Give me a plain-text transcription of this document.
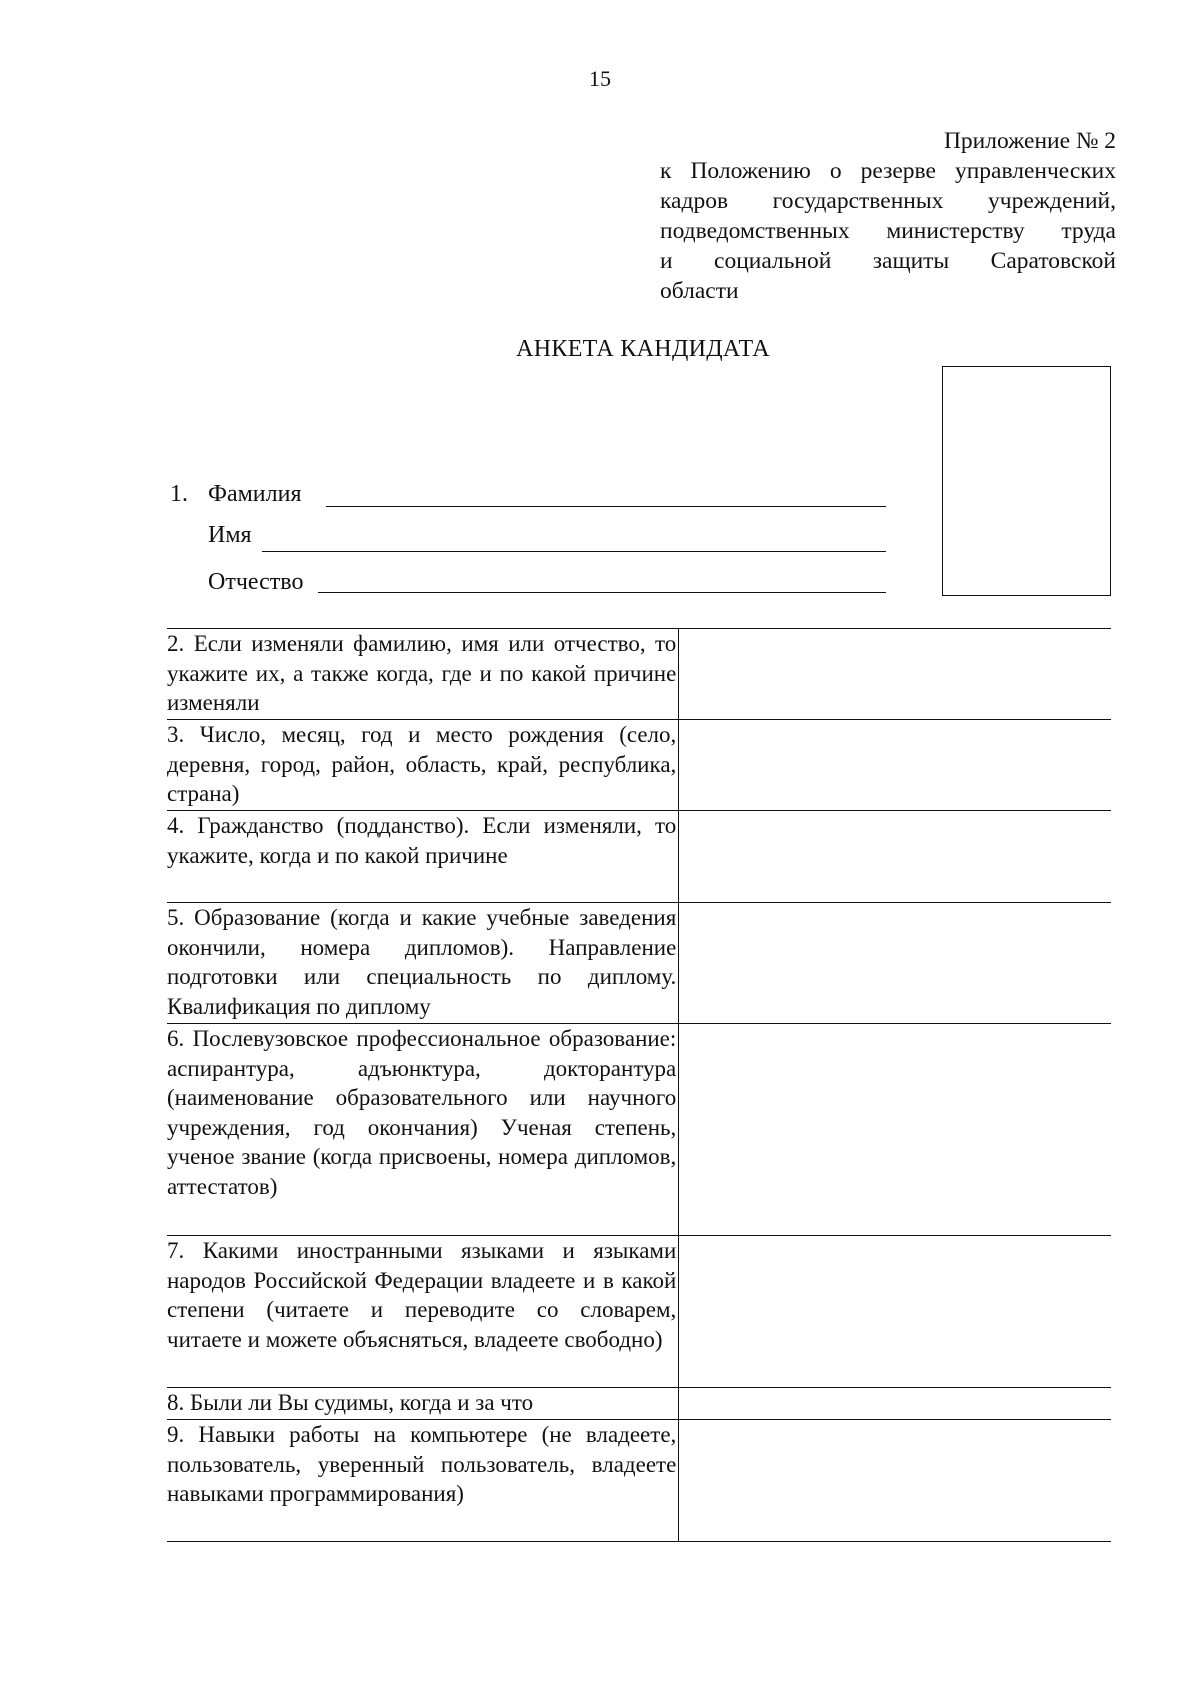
15
Приложение № 2
к Положению о резерве управленческих
кадров государственных учреждений,
подведомственных министерству труда
и социальной защиты Саратовской
области
АНКЕТА КАНДИДАТА
1. Фамилия
Имя
Отчество
2. Если изменяли фамилию, имя или отчество, то укажите их, а также когда, где и по какой причине изменяли	

3. Число, месяц, год и место рождения (село, деревня, город, район, область, край, республика, страна)	

4. Гражданство (подданство). Если изменяли, то укажите, когда и по какой причине	

5. Образование (когда и какие учебные заведения окончили, номера дипломов). Направление подготовки или специальность по диплому. Квалификация по диплому	

6. Послевузовское профессиональное образование: аспирантура, адъюнктура, докторантура (наименование образовательного или научного учреждения, год окончания) Ученая степень, ученое звание (когда присвоены, номера дипломов, аттестатов)	

7. Какими иностранными языками и языками народов Российской Федерации владеете и в какой степени (читаете и переводите со словарем, читаете и можете объясняться, владеете свободно)	

8. Были ли Вы судимы, когда и за что	

9. Навыки работы на компьютере (не владеете, пользователь, уверенный пользователь, владеете навыками программирования)	
